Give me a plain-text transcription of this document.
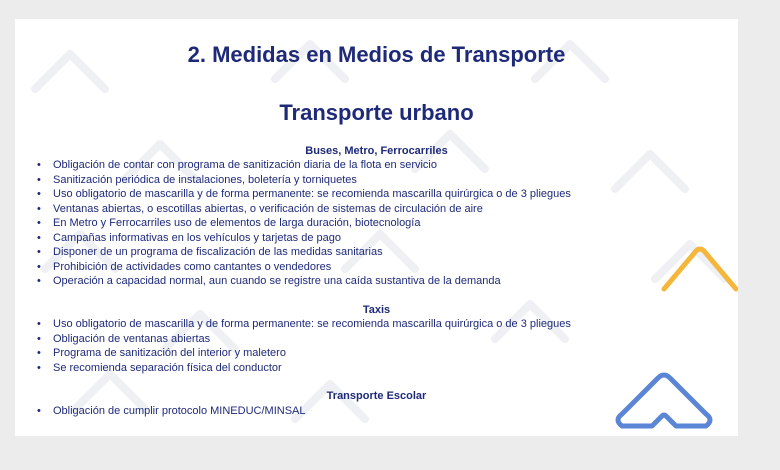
2. Medidas en Medios de Transporte
Transporte urbano
Buses, Metro, Ferrocarriles
•	Obligación de contar con programa de sanitización diaria de la flota en servicio
•	Sanitización periódica de instalaciones, boletería y torniquetes
•	Uso obligatorio de mascarilla y de forma permanente: se recomienda mascarilla quirúrgica o de 3 pliegues
•	Ventanas abiertas, o escotillas abiertas, o verificación de sistemas de circulación de aire
•	En Metro y Ferrocarriles uso de elementos de larga duración, biotecnología
•	Campañas informativas en los vehículos y tarjetas de pago
•	Disponer de un programa de fiscalización de las medidas sanitarias
•	Prohibición de actividades como cantantes o vendedores
•	Operación a capacidad normal, aun cuando se registre una caída sustantiva de la demanda
Taxis
•	Uso obligatorio de mascarilla y de forma permanente: se recomienda mascarilla quirúrgica o de 3 pliegues
•	Obligación de ventanas abiertas
•	Programa de sanitización del interior y maletero
•	Se recomienda separación física del conductor
Transporte Escolar
•	Obligación de cumplir protocolo MINEDUC/MINSAL
